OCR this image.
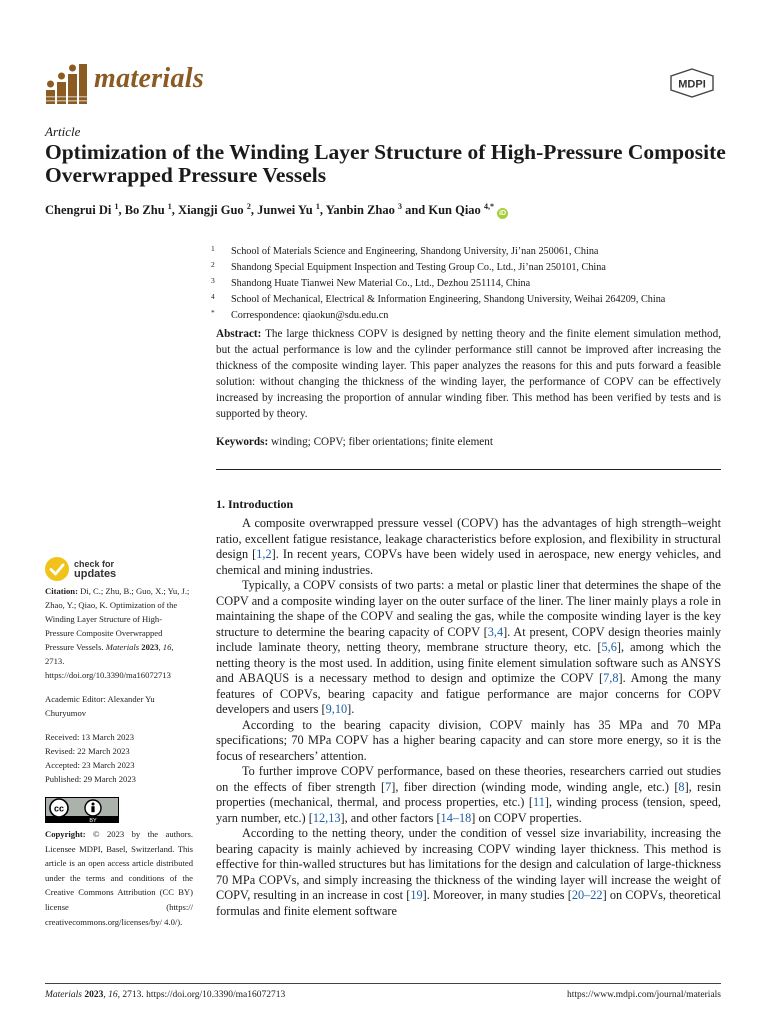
materials	MDPI
Article
Optimization of the Winding Layer Structure of High-Pressure Composite Overwrapped Pressure Vessels
Chengrui Di $^1$, Bo Zhu $^1$, Xiangji Guo $^2$, Junwei Yu $^1$, Yanbin Zhao $^3$ and Kun Qiao $^{4,*}$ iD
1 School of Materials Science and Engineering, Shandong University, Ji’nan 250061, China
2 Shandong Special Equipment Inspection and Testing Group Co., Ltd., Ji’nan 250101, China
3 Shandong Huate Tianwei New Material Co., Ltd., Dezhou 251114, China
4 School of Mechanical, Electrical & Information Engineering, Shandong University, Weihai 264209, China
* Correspondence: qiaokun@sdu.edu.cn
Abstract: The large thickness COPV is designed by netting theory and the finite element simulation method, but the actual performance is low and the cylinder performance still cannot be improved after increasing the thickness of the composite winding layer. This paper analyzes the reasons for this and puts forward a feasible solution: without changing the thickness of the winding layer, the performance of COPV can be effectively increased by increasing the proportion of annular winding fiber. This method has been verified by tests and is supported by theory.
Keywords: winding; COPV; fiber orientations; finite element
1. Introduction

A composite overwrapped pressure vessel (COPV) has the advantages of high strength–weight ratio, excellent fatigue resistance, leakage characteristics before explosion, and flexibility in structural design [1,2]. In recent years, COPVs have been widely used in aerospace, new energy vehicles, and chemical and mining industries.

Typically, a COPV consists of two parts: a metal or plastic liner that determines the shape of the COPV and a composite winding layer on the outer surface of the liner. The liner mainly plays a role in maintaining the shape of the COPV and sealing the gas, while the composite winding layer is the key structure to determine the bearing capacity of COPV [3,4]. At present, COPV design theories mainly include laminate theory, netting theory, membrane structure theory, etc. [5,6], among which the netting theory is the most used. In addition, using finite element simulation software such as ANSYS and ABAQUS is a necessary method to design and optimize the COPV [7,8]. Among the many features of COPVs, bearing capacity and fatigue performance are major concerns for COPV developers and users [9,10].

According to the bearing capacity division, COPV mainly has 35 MPa and 70 MPa specifications; 70 MPa COPV has a higher bearing capacity and can store more energy, so it is the focus of researchers’ attention.

To further improve COPV performance, based on these theories, researchers carried out studies on the effects of fiber strength [7], fiber direction (winding mode, winding angle, etc.) [8], resin properties (mechanical, thermal, and process properties, etc.) [11], winding process (tension, speed, yarn number, etc.) [12,13], and other factors [14–18] on COPV properties.

According to the netting theory, under the condition of vessel size invariability, increasing the bearing capacity is mainly achieved by increasing COPV winding layer thickness. This method is effective for thin-walled structures but has limitations for the design and calculation of large-thickness 70 MPa COPVs, and simply increasing the thickness of the winding layer will increase the weight of COPV, resulting in an increase in cost [19]. Moreover, in many studies [20–22] on COPVs, theoretical formulas and finite element software

check for
updates
Citation: Di, C.; Zhu, B.; Guo, X.; Yu, J.; Zhao, Y.; Qiao, K. Optimization of the Winding Layer Structure of High-Pressure Composite Overwrapped Pressure Vessels. Materials 2023, 16, 2713. https://doi.org/10.3390/ma16072713
Academic Editor: Alexander Yu Churyumov
Received: 13 March 2023
Revised: 22 March 2023
Accepted: 23 March 2023
Published: 29 March 2023
cc
BY
Copyright: © 2023 by the authors. Licensee MDPI, Basel, Switzerland. This article is an open access article distributed under the terms and conditions of the Creative Commons Attribution (CC BY) license (https:// creativecommons.org/licenses/by/ 4.0/).
Materials 2023, 16, 2713. https://doi.org/10.3390/ma16072713	https://www.mdpi.com/journal/materials
